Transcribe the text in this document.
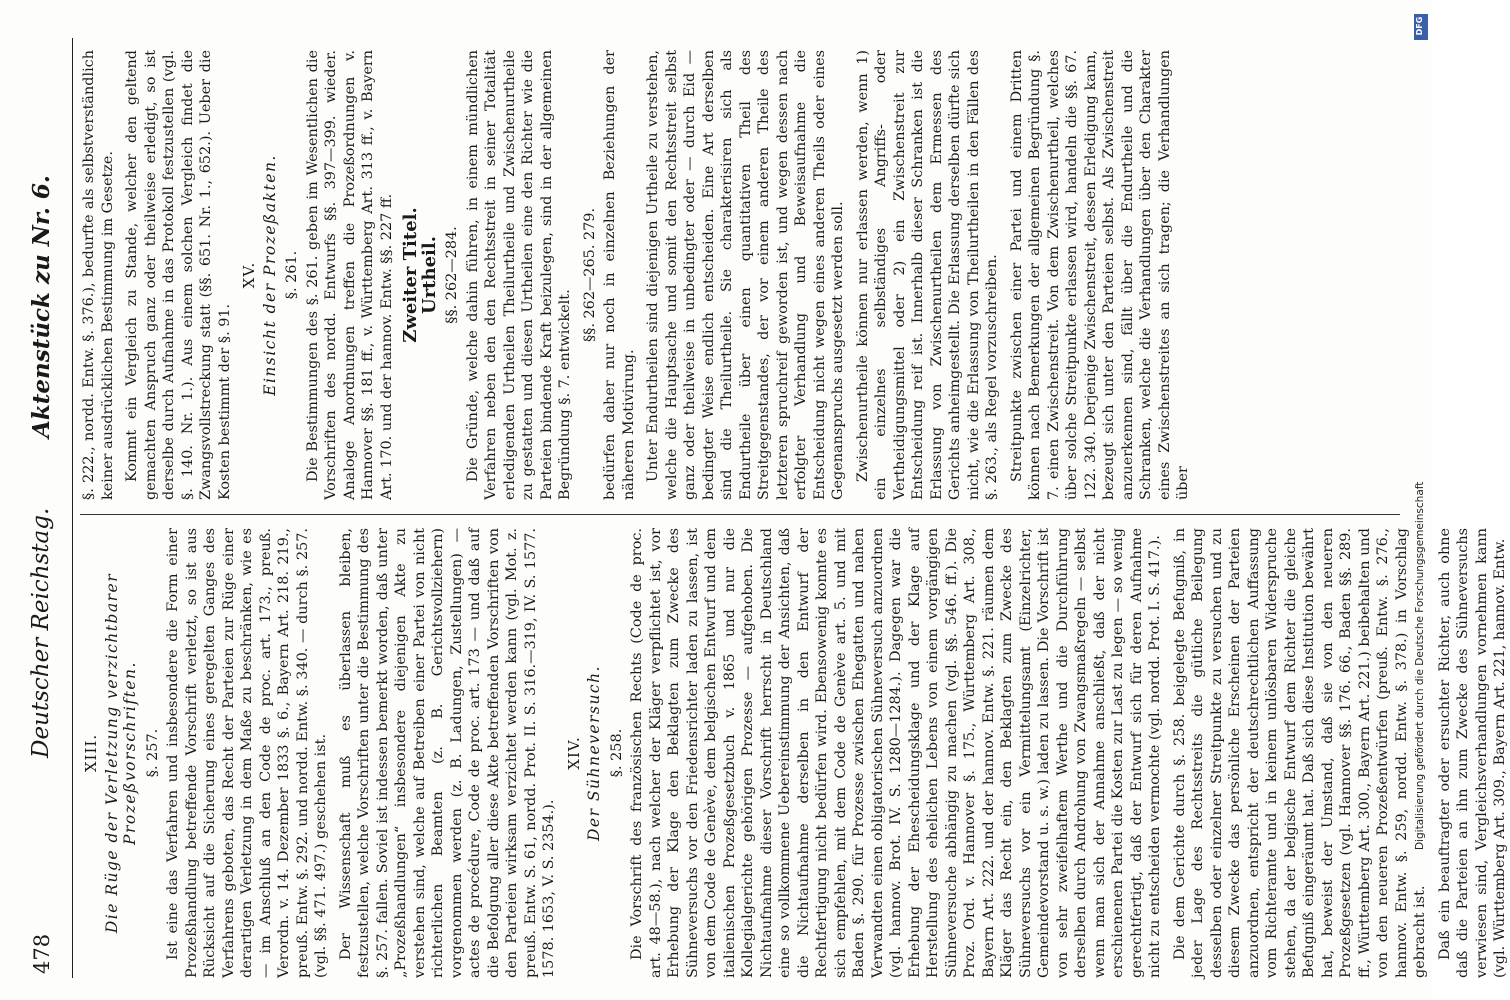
478
Deutscher Reichstag.
Aktenstück zu Nr. 6.
XIII. Die Rüge der Verletzung verzichtbarer Prozeßvorschriften. §. 257. Ist eine das Verfahren und insbesondere die Form einer Prozeßhandlung betreffende Vorschrift verletzt, so ist aus Rücksicht auf die Sicherung eines geregelten Ganges des Verfahrens geboten, das Recht der Parteien zur Rüge einer derartigen Verletzung in dem Maße zu beschränken, wie es — im Anschluß an den Code de proc. art. 173., preuß. Verordn. v. 14. Dezember 1833 §. 6., Bayern Art. 218. 219., preuß. Entw. §. 292. und nordd. Entw. §. 340. — durch §. 257. (vgl. §§. 471. 497.) geschehen ist. Der Wissenschaft muß es überlassen bleiben, festzustellen, welche Vorschriften unter die Bestimmung des §. 257. fallen. Soviel ist indessen bemerkt worden, daß unter „Prozeßhandlungen“ insbesondere diejenigen Akte zu verstehen sind, welche auf Betreiben einer Partei von nicht richterlichen Beamten (z. B. Gerichtsvollziehern) vorgenommen werden (z. B. Ladungen, Zustellungen) — actes de procédure, Code de proc. art. 173 — und daß auf die Befolgung aller diese Akte betreffenden Vorschriften von den Parteien wirksam verzichtet werden kann (vgl. Mot. z. preuß. Entw. S. 61, nordd. Prot. II. S. 316.—319, IV. S. 1577. 1578. 1653, V. S. 2354.).

XIV. Der Sühneversuch. §. 258. Die Vorschrift des französischen Rechts (Code de proc. art. 48—58.), nach welcher der Kläger verpflichtet ist, vor Erhebung der Klage den Beklagten zum Zwecke des Sühneversuchs vor den Friedensrichter laden zu lassen, ist von dem Code de Genève, dem belgischen Entwurf und dem italienischen Prozeßgesetzbuch v. 1865 und nur die Kollegialgerichte gehörigen Prozesse — aufgehoben. Die Nichtaufnahme dieser Vorschrift herrscht in Deutschland eine so vollkommene Uebereinstimmung der Ansichten, daß die Nichtaufnahme derselben in den Entwurf der Rechtfertigung nicht bedürfen wird. Ebensowenig konnte es sich empfehlen, mit dem Code de Genève art. 5. und mit Baden §. 290. für Prozesse zwischen Ehegatten und nahen Verwandten einen obligatorischen Sühneversuch anzuordnen (vgl. hannov. Brot. IV. S. 1280—1284.). Dagegen war die Erhebung der Ehescheidungsklage und der Klage auf Herstellung des ehelichen Lebens von einem vorgängigen Sühneversuche abhängig zu machen (vgl. §§. 546. ff.). Die Proz. Ord. v. Hannover §. 175., Württemberg Art. 308., Bayern Art. 222. und der hannov. Entw. §. 221. räumen dem Kläger das Recht ein, den Beklagten zum Zwecke des Sühneversuchs vor ein Vermittelungsamt (Einzelrichter, Gemeindevorstand u. s. w.) laden zu lassen. Die Vorschrift ist von sehr zweifelhaftem Werthe und die Durchführung derselben durch Androhung von Zwangsmaßregeln — selbst wenn man sich der Annahme anschließt, daß der nicht erschienenen Partei die Kosten zur Last zu legen — so wenig gerechtfertigt, daß der Entwurf sich für deren Aufnahme nicht zu entscheiden vermochte (vgl. nordd. Prot. I. S. 417.). Die dem Gerichte durch §. 258. beigelegte Befugniß, in jeder Lage des Rechtsstreits die gütliche Beilegung desselben oder einzelner Streitpunkte zu versuchen und zu diesem Zwecke das persönliche Erscheinen der Parteien anzuordnen, entspricht der deutschrechtlichen Auffassung vom Richteramte und in keinem unlösbaren Widerspruche stehen, da der belgische Entwurf dem Richter die gleiche Befugniß eingeräumt hat. Daß sich diese Institution bewährt hat, beweist der Umstand, daß sie von den neueren Prozeßgesetzen (vgl. Hannover §§. 176. 66., Baden §§. 289. ff., Württemberg Art. 300., Bayern Art. 221.) beibehalten und von den neueren Prozeßentwürfen (preuß. Entw. §. 276., hannov. Entw. §. 259, nordd. Entw. §. 378.) in Vorschlag gebracht ist. Daß ein beauftragter oder ersuchter Richter, auch ohne daß die Parteien an ihn zum Zwecke des Sühneversuchs verwiesen sind, Vergleichsverhandlungen vornehmen kann (vgl. Württemberg Art. 309., Bayern Art. 221, hannov. Entw.

§. 222., nordd. Entw. §. 376.), bedurfte als selbstverständlich keiner ausdrücklichen Bestimmung im Gesetze. Kommt ein Vergleich zu Stande, welcher den geltend gemachten Anspruch ganz oder theilweise erledigt, so ist derselbe durch Aufnahme in das Protokoll festzustellen (vgl. §. 140. Nr. 1.). Aus einem solchen Vergleich findet die Zwangsvollstreckung statt (§§. 651. Nr. 1., 652.). Ueber die Kosten bestimmt der §. 91.

XV. Einsicht der Prozeßakten. §. 261. Die Bestimmungen des §. 261. geben im Wesentlichen die Vorschriften des nordd. Entwurfs §§. 397—399. wieder. Analoge Anordnungen treffen die Prozeßordnungen v. Hannover §§. 181 ff., v. Württemberg Art. 313 ff., v. Bayern Art. 170. und der hannov. Entw. §§. 227 ff. Zweiter Titel.
Urtheil. §§. 262—284. Die Gründe, welche dahin führen, in einem mündlichen Verfahren neben den den Rechtsstreit in seiner Totalität erledigenden Urtheilen Theilurtheile und Zwischenurtheile zu gestatten und diesen Urtheilen eine den Richter wie die Parteien bindende Kraft beizulegen, sind in der allgemeinen Begründung §. 7. entwickelt.

§§. 262—265. 279. bedürfen daher nur noch in einzelnen Beziehungen der näheren Motivirung. Unter Endurtheilen sind diejenigen Urtheile zu verstehen, welche die Hauptsache und somit den Rechtsstreit selbst ganz oder theilweise in unbedingter oder — durch Eid — bedingter Weise endlich entscheiden. Eine Art derselben sind die Theilurtheile. Sie charakterisiren sich als Endurtheile über einen quantitativen Theil des Streitgegenstandes, der vor einem anderen Theile des letzteren spruchreif geworden ist, und wegen dessen nach erfolgter Verhandlung und Beweisaufnahme die Entscheidung nicht wegen eines anderen Theils oder eines Gegenanspruchs ausgesetzt werden soll. Zwischenurtheile können nur erlassen werden, wenn 1) ein einzelnes selbständiges Angriffs- oder Vertheidigungsmittel oder 2) ein Zwischenstreit zur Entscheidung reif ist. Innerhalb dieser Schranken ist die Erlassung von Zwischenurtheilen dem Ermessen des Gerichts anheimgestellt. Die Erlassung derselben dürfte sich nicht, wie die Erlassung von Theilurtheilen in den Fällen des §. 263., als Regel vorzuschreiben. Streitpunkte zwischen einer Partei und einem Dritten können nach Bemerkungen der allgemeinen Begründung §. 7. einen Zwischenstreit. Von dem Zwischenurtheil, welches über solche Streitpunkte erlassen wird, handeln die §§. 67. 122. 340. Derjenige Zwischenstreit, dessen Erledigung kann, bezeugt sich unter den Parteien selbst. Als Zwischenstreit anzuerkennen sind, fällt über die Endurtheile und die Schranken, welche die Verhandlungen über den Charakter eines Zwischenstreites an sich tragen; die Verhandlungen über	Digitalisierung gefördert durch die Deutsche Forschungsgemeinschaft
DFG
